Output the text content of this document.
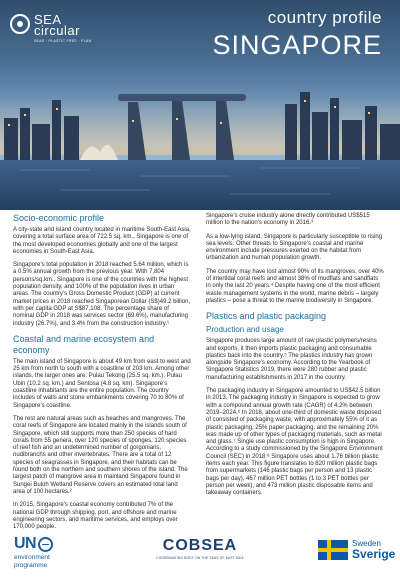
SEA
circular
SEAS · PLASTIC FREE · PLAN
country profile
SINGAPORE
Socio-economic profile

A city-state and island country located in maritime South-East Asia, covering a total surface area of 722.5 sq. km., Singapore is one of the most developed economies globally and one of the largest economies in South-East Asia.

Singapore’s total population in 2018 reached 5.64 million, which is a 0.5% annual growth from the previous year. With 7,804 persons/sq.km., Singapore is one of the countries with the highest population density, and 100% of the population lives in urban areas. The country’s Gross Domestic Product (GDP) at current market prices in 2018 reached Singaporean Dollar (S$)49.2 billion, with per capita GDP at S$87,108. The percentage share of nominal GDP in 2018 was services sector (69.6%), manufacturing industry (26.7%), and 3.4% from the construction industry.¹

Coastal and marine ecosystem and economy

The main island of Singapore is about 49 km from east to west and 25 km from north to south with a coastline of 203 km. Among other islands, the larger ones are: Pulau Tekong (25.5 sq. km.), Pulau Ubin (10.2 sq. km.) and Sentosa (4.8 sq. km). Singapore’s coastline inhabitants are the entire population. The country includes of walls and stone embankments covering 70 to 80% of Singapore’s coastline.

The rest are natural areas such as beaches and mangroves. The coral reefs of Singapore are located mainly in the islands south of Singapore, which still supports more than 250 species of hard corals from 55 genera, over 120 species of sponges, 120 species of reef fish and an undetermined number of gorgonians, nudibranchs and other invertebrates. There are a total of 12 species of seagrasses in Singapore, and their habitats can be found both on the northern and southern shores of the island. The largest patch of mangrove area in mainland Singapore found in Sungei Buloh Wetland Reserve covers an estimated total land area of 100 hectares.²

In 2015, Singapore’s coastal economy contributed 7% of the national GDP through shipping, port, and offshore and marine engineering sectors, and maritime services, and employs over 170,000 people.

Singapore’s cruise industry alone directly contributed US$515 million to the nation’s economy in 2016.³

As a low-lying island, Singapore is particularly susceptible to rising sea levels. Other threats to Singapore’s coastal and marine environment include pressures exerted on the habitat from urbanization and human population growth.

The country may have lost almost 90% of its mangroves, over 40% of intertidal coral reefs and almost 38% of mudflats and sandflats in only the last 20 years.⁴ Despite having one of the most efficient waste management systems in the world, marine debris – largely plastics – pose a threat to the marine biodiversity in Singapore.

Plastics and plastic packaging
Production and usage

Singapore produces large amount of raw plastic polymers/resins and exports, it then imports plastic packaging and consumable plastics back into the country.⁵ The plastics industry has grown alongside Singapore’s economy. According to the Yearbook of Singapore Statistics 2019, there were 280 rubber and plastic manufacturing establishments in 2017 in the country.

The packaging industry in Singapore amounted to US$42.5 billion in 2013. The packaging industry in Singapore is expected to grow with a compound annual growth rate (CAGR) of 4.2% between 2019–2024.⁶ In 2018, about one-third of domestic waste disposed of consisted of packaging waste, with approximately 55% of it as plastic packaging, 25% paper packaging, and the remaining 20% was made up of other types of packaging materials, such as metal and glass.⁷ Single use plastic consumption is high in Singapore. According to a study commissioned by the Singapore Environment Council (SEC) in 2018:⁸ Singapore uses about 1.76 billion plastic items each year. This figure translates to 820 million plastic bags from supermarkets (146 plastic bags per person and 13 plastic bags per day), 467 million PET bottles (1 to 3 PET bottles per person per week), and 473 million plastic disposable items and takeaway containers.

UN
environment
programme
COBSEA
COORDINATING BODY ON THE SEAS OF EAST ASIA
Sweden
Sverige
